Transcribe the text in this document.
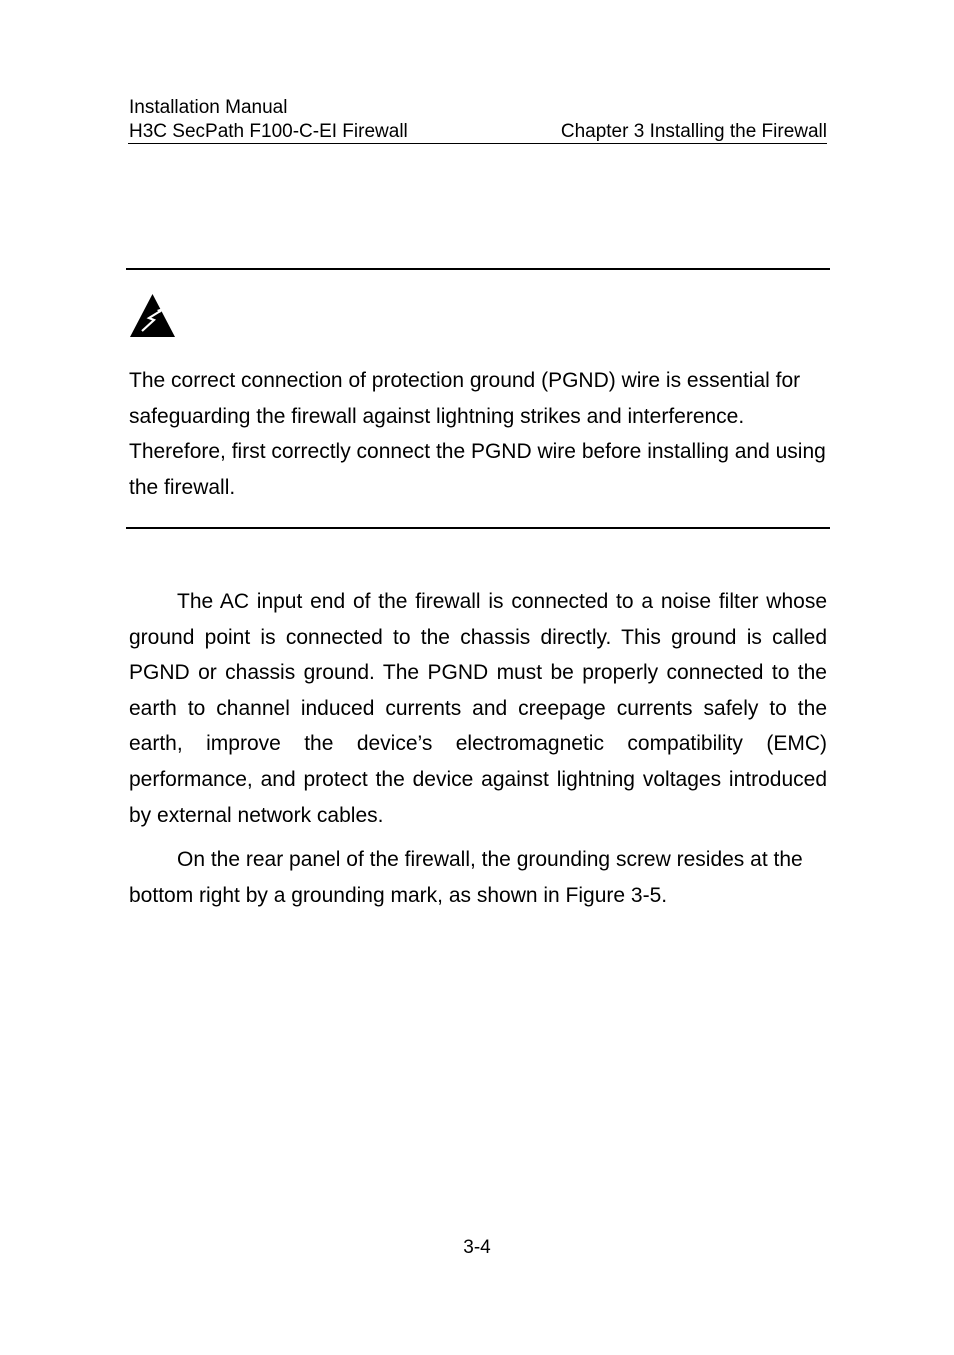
Installation Manual
H3C SecPath F100-C-EI Firewall	Chapter 3 Installing the Firewall

The correct connection of protection ground (PGND) wire is essential for safeguarding the firewall against lightning strikes and interference. Therefore, first correctly connect the PGND wire before installing and using the firewall.

The AC input end of the firewall is connected to a noise filter whose ground point is connected to the chassis directly. This ground is called PGND or chassis ground. The PGND must be properly connected to the earth to channel induced currents and creepage currents safely to the earth, improve the device’s electromagnetic compatibility (EMC) performance, and protect the device against lightning voltages introduced by external network cables.

On the rear panel of the firewall, the grounding screw resides at the bottom right by a grounding mark, as shown in Figure 3-5.

3-4
